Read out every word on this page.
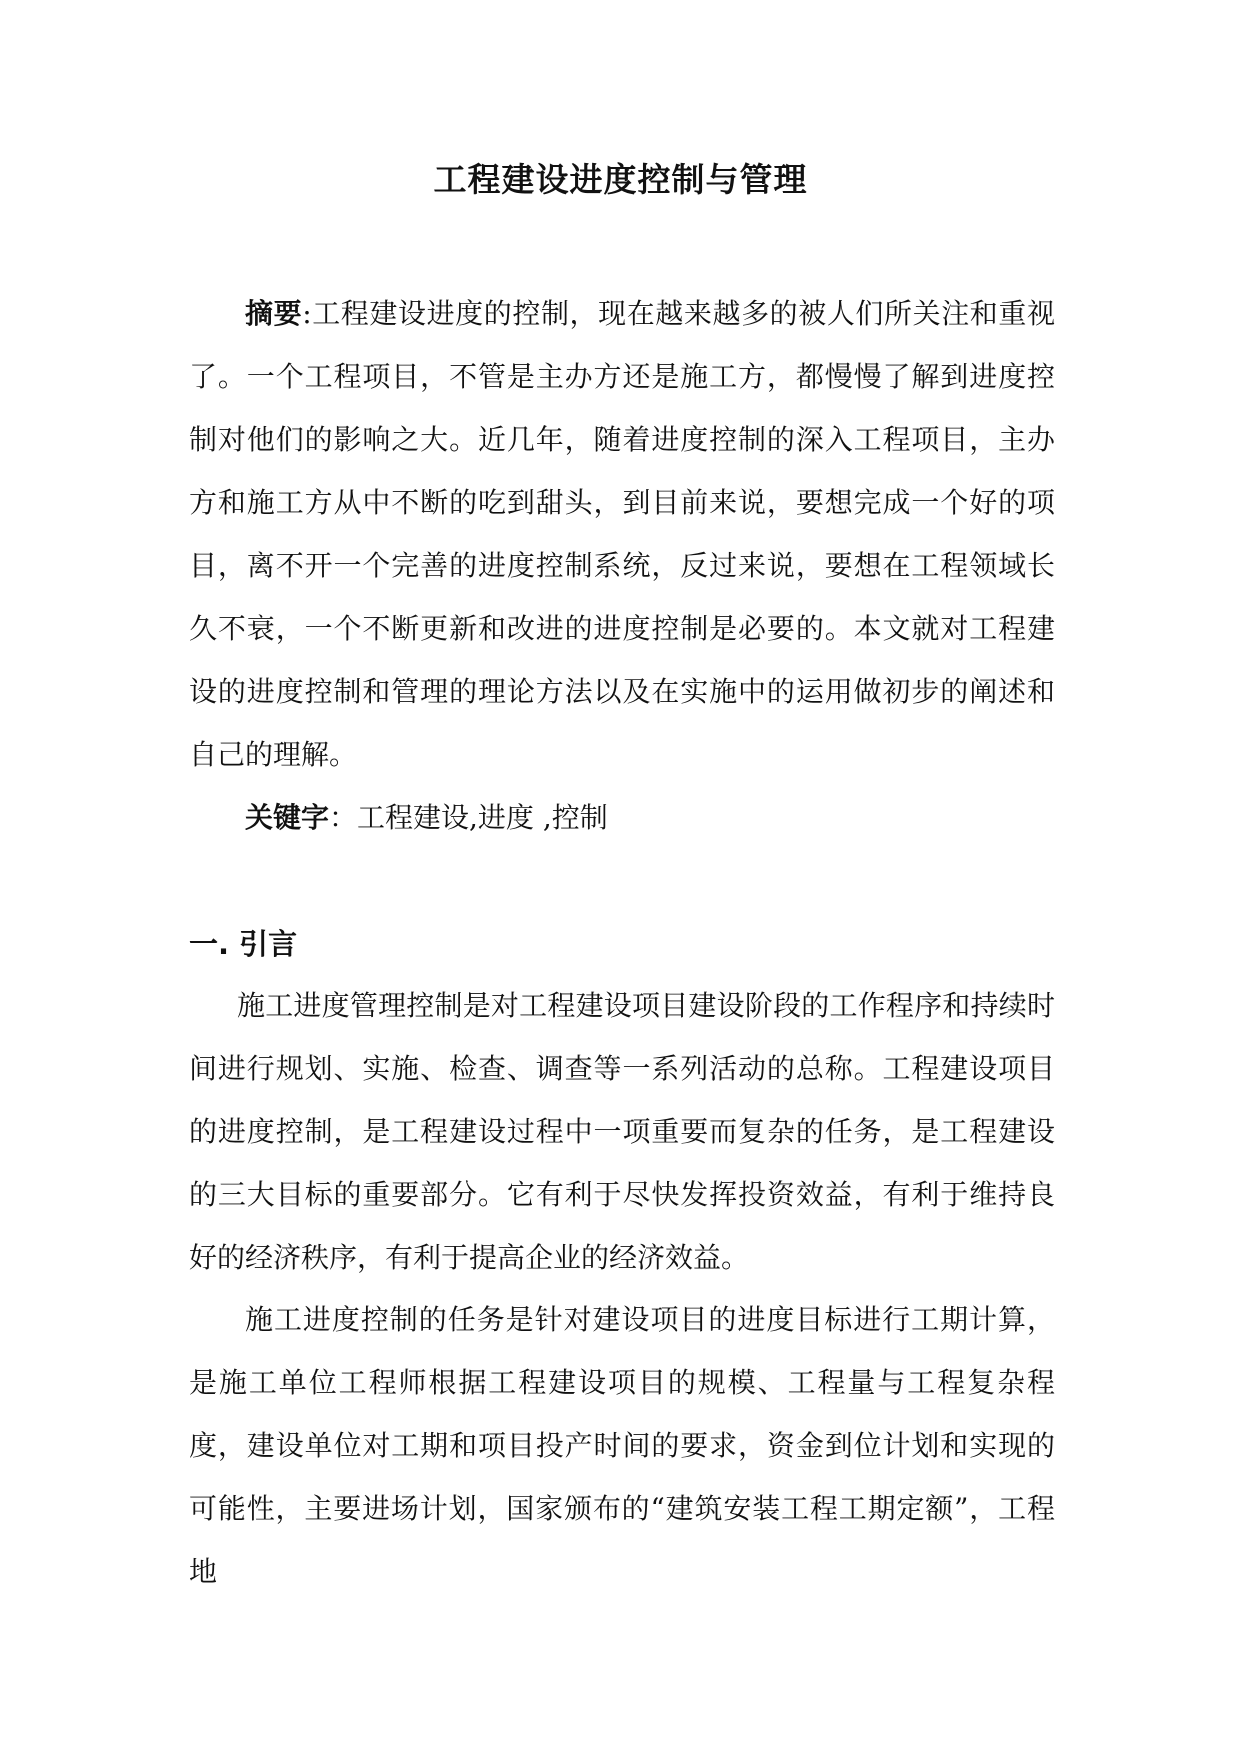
工程建设进度控制与管理

摘要:工程建设进度的控制，现在越来越多的被人们所关注和重视了。一个工程项目，不管是主办方还是施工方，都慢慢了解到进度控制对他们的影响之大。近几年，随着进度控制的深入工程项目，主办方和施工方从中不断的吃到甜头，到目前来说，要想完成一个好的项目，离不开一个完善的进度控制系统，反过来说，要想在工程领域长久不衰，一个不断更新和改进的进度控制是必要的。本文就对工程建设的进度控制和管理的理论方法以及在实施中的运用做初步的阐述和自己的理解。

关键字：工程建设,进度 ,控制

一. 引言

施工进度管理控制是对工程建设项目建设阶段的工作程序和持续时间进行规划、实施、检查、调查等一系列活动的总称。工程建设项目的进度控制，是工程建设过程中一项重要而复杂的任务，是工程建设的三大目标的重要部分。它有利于尽快发挥投资效益，有利于维持良好的经济秩序，有利于提高企业的经济效益。

施工进度控制的任务是针对建设项目的进度目标进行工期计算，是施工单位工程师根据工程建设项目的规模、工程量与工程复杂程度，建设单位对工期和项目投产时间的要求，资金到位计划和实现的可能性，主要进场计划，国家颁布的“建筑安装工程工期定额”，工程地
